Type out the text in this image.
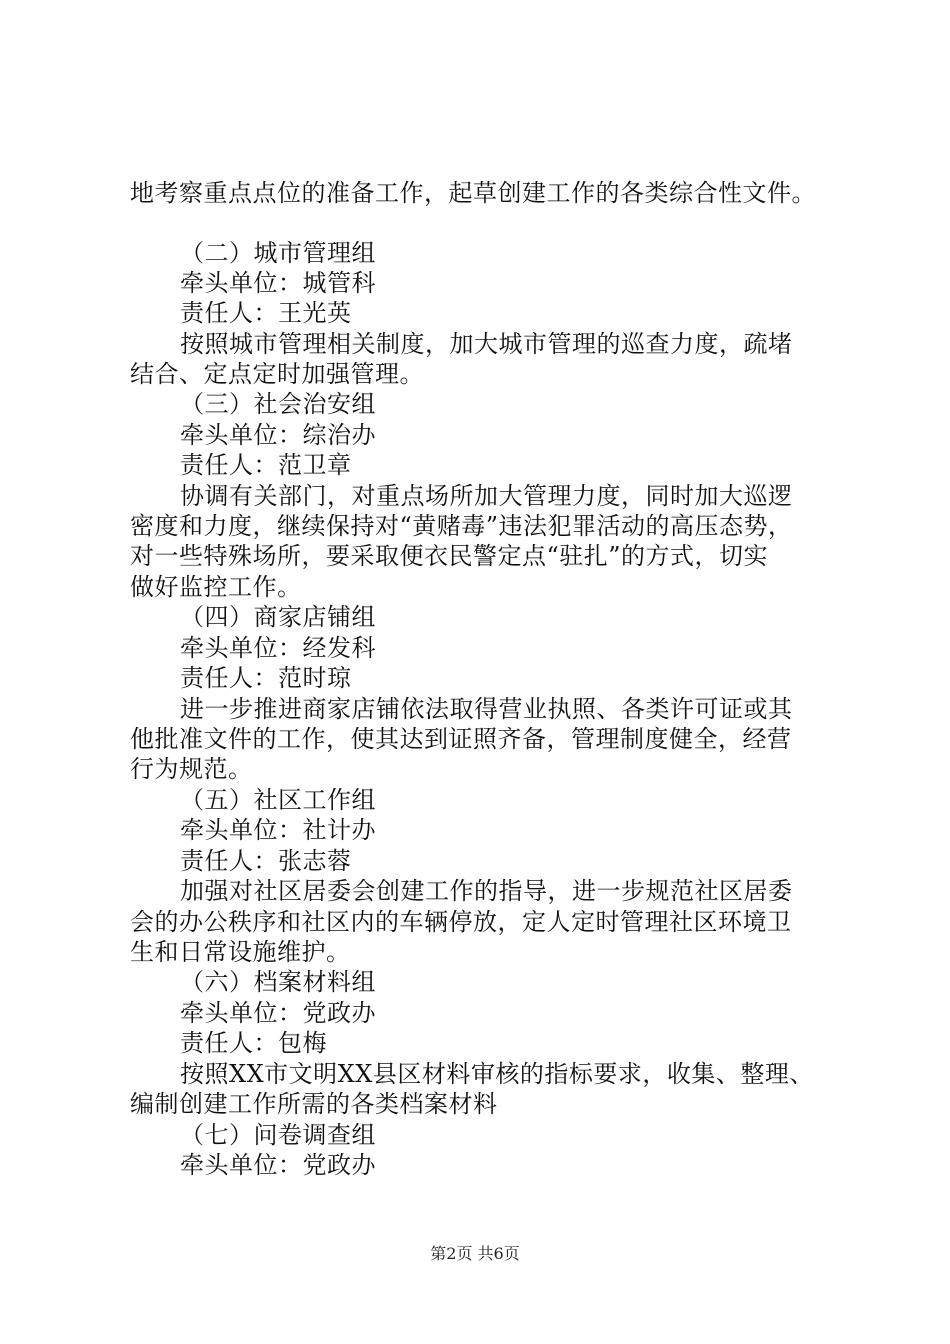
地考察重点点位的准备工作，起草创建工作的各类综合性文件。
（二）城市管理组
牵头单位：城管科
责任人：王光英
按照城市管理相关制度，加大城市管理的巡查力度，疏堵
结合、定点定时加强管理。
（三）社会治安组
牵头单位：综治办
责任人：范卫章
协调有关部门，对重点场所加大管理力度，同时加大巡逻
密度和力度，继续保持对“黄赌毒”违法犯罪活动的高压态势，
对一些特殊场所，要采取便衣民警定点“驻扎”的方式，切实
做好监控工作。
（四）商家店铺组
牵头单位：经发科
责任人：范时琼
进一步推进商家店铺依法取得营业执照、各类许可证或其
他批准文件的工作，使其达到证照齐备，管理制度健全，经营
行为规范。
（五）社区工作组
牵头单位：社计办
责任人：张志蓉
加强对社区居委会创建工作的指导，进一步规范社区居委
会的办公秩序和社区内的车辆停放，定人定时管理社区环境卫
生和日常设施维护。
（六）档案材料组
牵头单位：党政办
责任人：包梅
按照XX市文明XX县区材料审核的指标要求，收集、整理、
编制创建工作所需的各类档案材料
（七）问卷调查组
牵头单位：党政办
第2页 共6页
